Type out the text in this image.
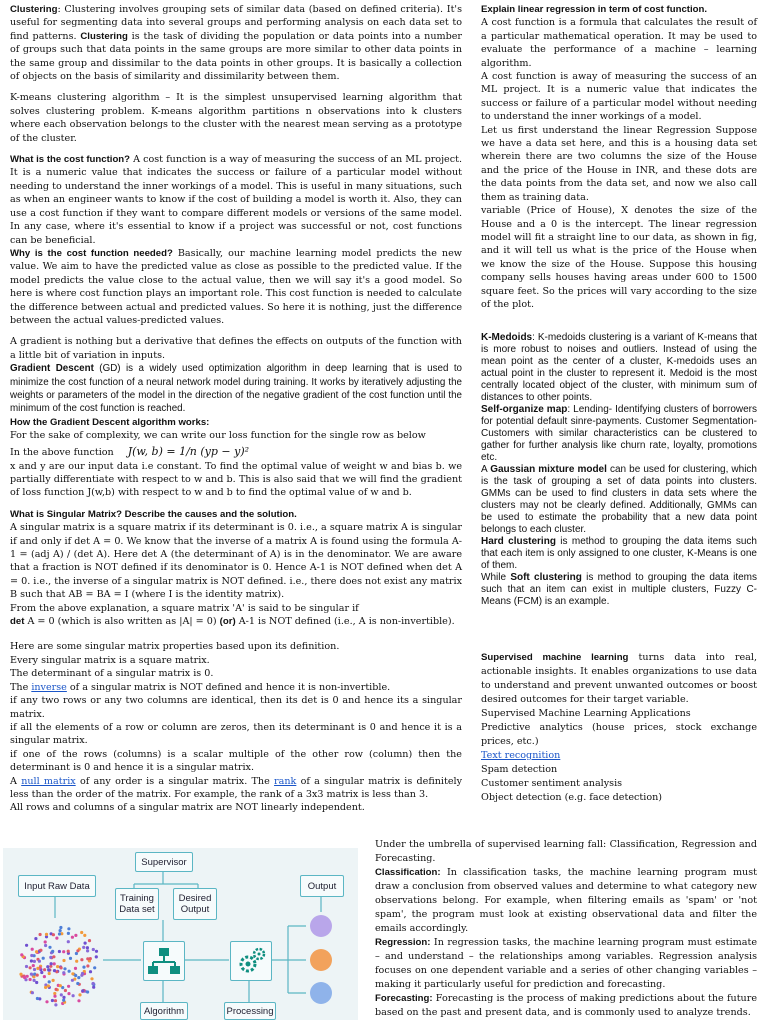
Clustering: Clustering involves grouping sets of similar data (based on defined criteria). It's useful for segmenting data into several groups and performing analysis on each data set to find patterns. Clustering is the task of dividing the population or data points into a number of groups such that data points in the same groups are more similar to other data points in the same group and dissimilar to the data points in other groups. It is basically a collection of objects on the basis of similarity and dissimilarity between them.

K-means clustering algorithm – It is the simplest unsupervised learning algorithm that solves clustering problem. K-means algorithm partitions n observations into k clusters where each observation belongs to the cluster with the nearest mean serving as a prototype of the cluster.

What is the cost function? A cost function is a way of measuring the success of an ML project. It is a numeric value that indicates the success or failure of a particular model without needing to understand the inner workings of a model. This is useful in many situations, such as when an engineer wants to know if the cost of building a model is worth it. Also, they can use a cost function if they want to compare different models or versions of the same model. In any case, where it's essential to know if a project was successful or not, cost functions can be beneficial.

Why is the cost function needed? Basically, our machine learning model predicts the new value. We aim to have the predicted value as close as possible to the predicted value. If the model predicts the value close to the actual value, then we will say it's a good model. So here is where cost function plays an important role. This cost function is needed to calculate the difference between actual and predicted values. So here it is nothing, just the difference between the actual values-predicted values.

A gradient is nothing but a derivative that defines the effects on outputs of the function with a little bit of variation in inputs.

Gradient Descent (GD) is a widely used optimization algorithm in deep learning that is used to minimize the cost function of a neural network model during training. It works by iteratively adjusting the weights or parameters of the model in the direction of the negative gradient of the cost function until the minimum of the cost function is reached.

How the Gradient Descent algorithm works:

For the sake of complexity, we can write our loss function for the single row as below

In the above function J(w, b) = 1/n (yp − y)²

x and y are our input data i.e constant. To find the optimal value of weight w and bias b. we partially differentiate with respect to w and b. This is also said that we will find the gradient of loss function J(w,b) with respect to w and b to find the optimal value of w and b.

What is Singular Matrix? Describe the causes and the solution.

A singular matrix is a square matrix if its determinant is 0. i.e., a square matrix A is singular if and only if det A = 0. We know that the inverse of a matrix A is found using the formula A-1 = (adj A) / (det A). Here det A (the determinant of A) is in the denominator. We are aware that a fraction is NOT defined if its denominator is 0. Hence A-1 is NOT defined when det A = 0. i.e., the inverse of a singular matrix is NOT defined. i.e., there does not exist any matrix B such that AB = BA = I (where I is the identity matrix).

From the above explanation, a square matrix 'A' is said to be singular if

det A = 0 (which is also written as |A| = 0) (or) A-1 is NOT defined (i.e., A is non-invertible).

Here are some singular matrix properties based upon its definition.

Every singular matrix is a square matrix.

The determinant of a singular matrix is 0.

The inverse of a singular matrix is NOT defined and hence it is non-invertible.

if any two rows or any two columns are identical, then its det is 0 and hence its a singular matrix.

if all the elements of a row or column are zeros, then its determinant is 0 and hence it is a singular matrix.

if one of the rows (columns) is a scalar multiple of the other row (column) then the determinant is 0 and hence it is a singular matrix.

A null matrix of any order is a singular matrix. The rank of a singular matrix is definitely less than the order of the matrix. For example, the rank of a 3x3 matrix is less than 3.

All rows and columns of a singular matrix are NOT linearly independent.

Explain linear regression in term of cost function.

A cost function is a formula that calculates the result of a particular mathematical operation. It may be used to evaluate the performance of a machine – learning algorithm.

A cost function is away of measuring the success of an ML project. It is a numeric value that indicates the success or failure of a particular model without needing to understand the inner workings of a model.

Let us first understand the linear Regression Suppose we have a data set here, and this is a housing data set wherein there are two columns the size of the House and the price of the House in INR, and these dots are the data points from the data set, and now we also call them as training data.

variable (Price of House), X denotes the size of the House and a 0 is the intercept. The linear regression model will fit a straight line to our data, as shown in fig, and it will tell us what is the price of the House when we know the size of the House. Suppose this housing company sells houses having areas under 600 to 1500 square feet. So the prices will vary according to the size of the plot.

K-Medoids: K-medoids clustering is a variant of K-means that is more robust to noises and outliers. Instead of using the mean point as the center of a cluster, K-medoids uses an actual point in the cluster to represent it. Medoid is the most centrally located object of the cluster, with minimum sum of distances to other points.

Self-organize map: Lending- Identifying clusters of borrowers for potential default sinre-payments. Customer Segmentation- Customers with similar characteristics can be clustered to gather for further analysis like churn rate, loyalty, promotions etc.

A Gaussian mixture model can be used for clustering, which is the task of grouping a set of data points into clusters. GMMs can be used to find clusters in data sets where the clusters may not be clearly defined. Additionally, GMMs can be used to estimate the probability that a new data point belongs to each cluster.

Hard clustering is method to grouping the data items such that each item is only assigned to one cluster, K-Means is one of them.

While Soft clustering is method to grouping the data items such that an item can exist in multiple clusters, Fuzzy C-Means (FCM) is an example.

Supervised machine learning turns data into real, actionable insights. It enables organizations to use data to understand and prevent unwanted outcomes or boost desired outcomes for their target variable.

Supervised Machine Learning Applications

Predictive analytics (house prices, stock exchange prices, etc.)

Text recognition

Spam detection

Customer sentiment analysis

Object detection (e.g. face detection)

Under the umbrella of supervised learning fall: Classification, Regression and Forecasting.

Classification: In classification tasks, the machine learning program must draw a conclusion from observed values and determine to what category new observations belong. For example, when filtering emails as 'spam' or 'not spam', the program must look at existing observational data and filter the emails accordingly.

Regression: In regression tasks, the machine learning program must estimate – and understand – the relationships among variables. Regression analysis focuses on one dependent variable and a series of other changing variables – making it particularly useful for prediction and forecasting.

Forecasting: Forecasting is the process of making predictions about the future based on the past and present data, and is commonly used to analyze trends.

Supervisor
Input Raw Data
Training Data set
Desired Output
Output
Algorithm	Processing
